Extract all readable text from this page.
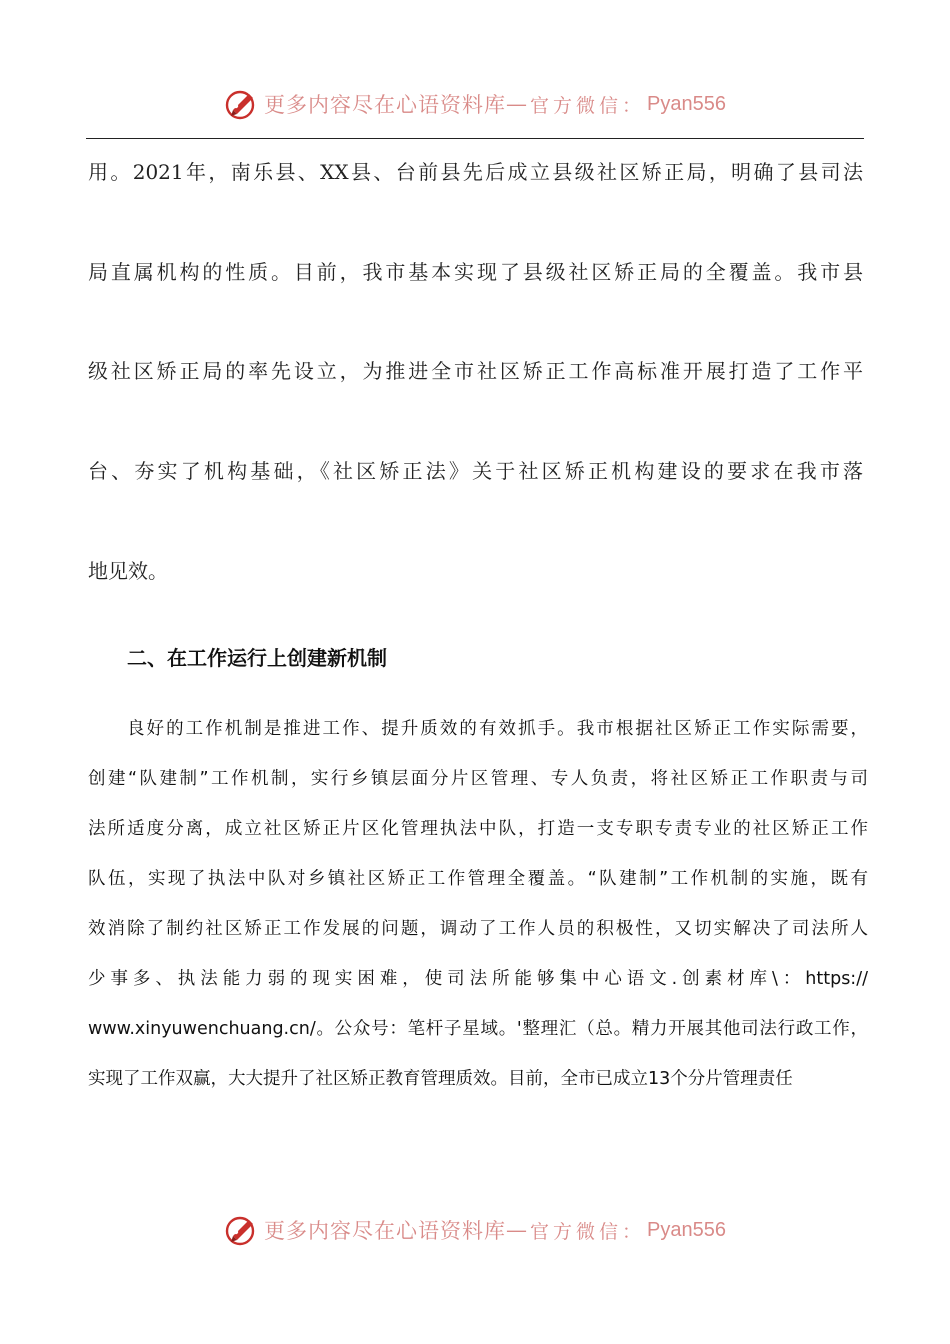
更多内容尽在心语资料库 — 官方微信： Pyan556

用。2021年，南乐县、XX县、台前县先后成立县级社区矫正局，明确了县司法

局直属机构的性质。目前，我市基本实现了县级社区矫正局的全覆盖。我市县

级社区矫正局的率先设立，为推进全市社区矫正工作高标准开展打造了工作平

台、夯实了机构基础，《社区矫正法》关于社区矫正机构建设的要求在我市落

地见效。

二、在工作运行上创建新机制

良好的工作机制是推进工作、提升质效的有效抓手。我市根据社区矫正工作实际需要，

创建“队建制”工作机制，实行乡镇层面分片区管理、专人负责，将社区矫正工作职责与司

法所适度分离，成立社区矫正片区化管理执法中队，打造一支专职专责专业的社区矫正工作

队伍，实现了执法中队对乡镇社区矫正工作管理全覆盖。“队建制”工作机制的实施，既有

效消除了制约社区矫正工作发展的问题，调动了工作人员的积极性，又切实解决了司法所人

少事多、执法能力弱的现实困难，使司法所能够集中心语文.创素材库\：https://

www.xinyuwenchuang.cn/。公众号：笔杆子星域。'整理汇（总。精力开展其他司法行政工作，

实现了工作双赢，大大提升了社区矫正教育管理质效。目前，全市已成立13个分片管理责任

更多内容尽在心语资料库 — 官方微信： Pyan556
